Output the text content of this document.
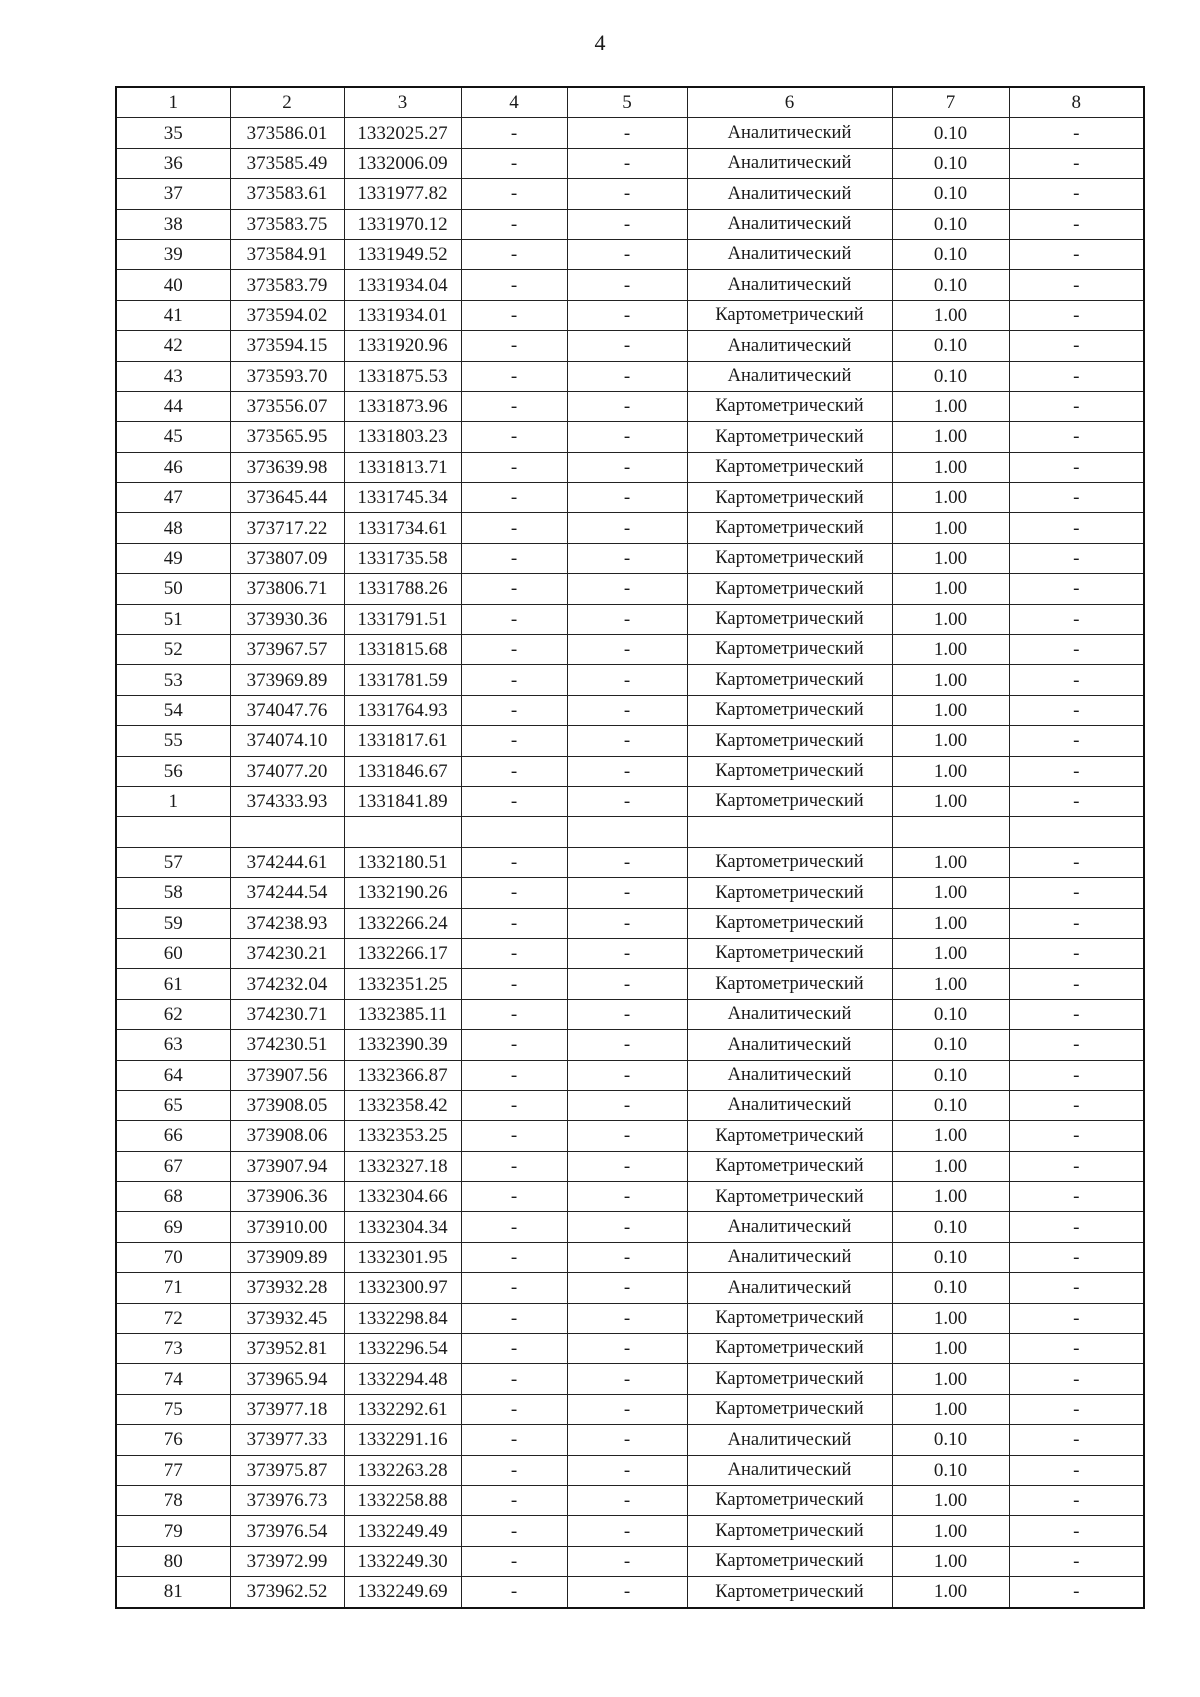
4
1	2	3	4	5	6	7	8
35	373586.01	1332025.27	-	-	Аналитический	0.10	-
36	373585.49	1332006.09	-	-	Аналитический	0.10	-
37	373583.61	1331977.82	-	-	Аналитический	0.10	-
38	373583.75	1331970.12	-	-	Аналитический	0.10	-
39	373584.91	1331949.52	-	-	Аналитический	0.10	-
40	373583.79	1331934.04	-	-	Аналитический	0.10	-
41	373594.02	1331934.01	-	-	Картометрический	1.00	-
42	373594.15	1331920.96	-	-	Аналитический	0.10	-
43	373593.70	1331875.53	-	-	Аналитический	0.10	-
44	373556.07	1331873.96	-	-	Картометрический	1.00	-
45	373565.95	1331803.23	-	-	Картометрический	1.00	-
46	373639.98	1331813.71	-	-	Картометрический	1.00	-
47	373645.44	1331745.34	-	-	Картометрический	1.00	-
48	373717.22	1331734.61	-	-	Картометрический	1.00	-
49	373807.09	1331735.58	-	-	Картометрический	1.00	-
50	373806.71	1331788.26	-	-	Картометрический	1.00	-
51	373930.36	1331791.51	-	-	Картометрический	1.00	-
52	373967.57	1331815.68	-	-	Картометрический	1.00	-
53	373969.89	1331781.59	-	-	Картометрический	1.00	-
54	374047.76	1331764.93	-	-	Картометрический	1.00	-
55	374074.10	1331817.61	-	-	Картометрический	1.00	-
56	374077.20	1331846.67	-	-	Картометрический	1.00	-
1	374333.93	1331841.89	-	-	Картометрический	1.00	-

57	374244.61	1332180.51	-	-	Картометрический	1.00	-
58	374244.54	1332190.26	-	-	Картометрический	1.00	-
59	374238.93	1332266.24	-	-	Картометрический	1.00	-
60	374230.21	1332266.17	-	-	Картометрический	1.00	-
61	374232.04	1332351.25	-	-	Картометрический	1.00	-
62	374230.71	1332385.11	-	-	Аналитический	0.10	-
63	374230.51	1332390.39	-	-	Аналитический	0.10	-
64	373907.56	1332366.87	-	-	Аналитический	0.10	-
65	373908.05	1332358.42	-	-	Аналитический	0.10	-
66	373908.06	1332353.25	-	-	Картометрический	1.00	-
67	373907.94	1332327.18	-	-	Картометрический	1.00	-
68	373906.36	1332304.66	-	-	Картометрический	1.00	-
69	373910.00	1332304.34	-	-	Аналитический	0.10	-
70	373909.89	1332301.95	-	-	Аналитический	0.10	-
71	373932.28	1332300.97	-	-	Аналитический	0.10	-
72	373932.45	1332298.84	-	-	Картометрический	1.00	-
73	373952.81	1332296.54	-	-	Картометрический	1.00	-
74	373965.94	1332294.48	-	-	Картометрический	1.00	-
75	373977.18	1332292.61	-	-	Картометрический	1.00	-
76	373977.33	1332291.16	-	-	Аналитический	0.10	-
77	373975.87	1332263.28	-	-	Аналитический	0.10	-
78	373976.73	1332258.88	-	-	Картометрический	1.00	-
79	373976.54	1332249.49	-	-	Картометрический	1.00	-
80	373972.99	1332249.30	-	-	Картометрический	1.00	-
81	373962.52	1332249.69	-	-	Картометрический	1.00	-
